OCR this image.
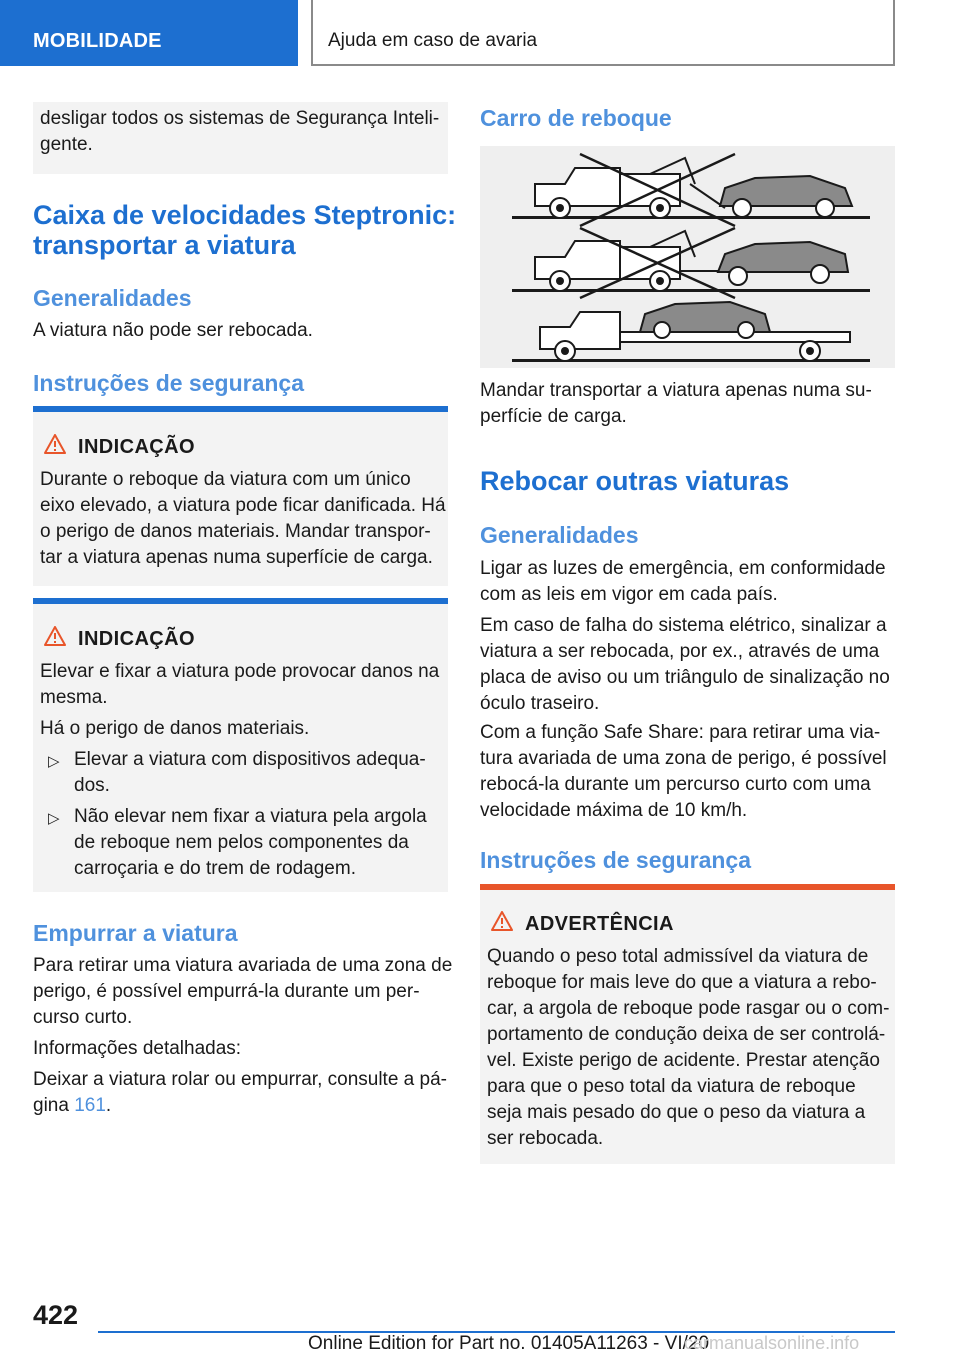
MOBILIDADE	Ajuda em caso de avaria

desligar todos os sistemas de Segurança Inteli-

gente.

Caixa de velocidades Steptronic:
transportar a viatura
Generalidades

A viatura não pode ser rebocada.

Instruções de segurança
INDICAÇÃO

Durante o reboque da viatura com um único

eixo elevado, a viatura pode ficar danificada. Há

o perigo de danos materiais. Mandar transpor-

tar a viatura apenas numa superfície de carga.

INDICAÇÃO

Elevar e fixar a viatura pode provocar danos na

mesma.

Há o perigo de danos materiais.

▷ Elevar a viatura com dispositivos adequa-

dos.

▷ Não elevar nem fixar a viatura pela argola

de reboque nem pelos componentes da

carroçaria e do trem de rodagem.

Empurrar a viatura

Para retirar uma viatura avariada de uma zona de

perigo, é possível empurrá-la durante um per-

curso curto.

Informações detalhadas:

Deixar a viatura rolar ou empurrar, consulte a pá-

gina 161.

Carro de reboque

Mandar transportar a viatura apenas numa su-

perfície de carga.

Rebocar outras viaturas
Generalidades

Ligar as luzes de emergência, em conformidade

com as leis em vigor em cada país.

Em caso de falha do sistema elétrico, sinalizar a

viatura a ser rebocada, por ex., através de uma

placa de aviso ou um triângulo de sinalização no

óculo traseiro.

Com a função Safe Share: para retirar uma via-

tura avariada de uma zona de perigo, é possível

rebocá-la durante um percurso curto com uma

velocidade máxima de 10 km/h.

Instruções de segurança
ADVERTÊNCIA

Quando o peso total admissível da viatura de

reboque for mais leve do que a viatura a rebo-

car, a argola de reboque pode rasgar ou o com-

portamento de condução deixa de ser controlá-

vel. Existe perigo de acidente. Prestar atenção

para que o peso total da viatura de reboque

seja mais pesado do que o peso da viatura a

ser rebocada.

422
Online Edition for Part no. 01405A11263 - VI/20
carmanualsonline.info
